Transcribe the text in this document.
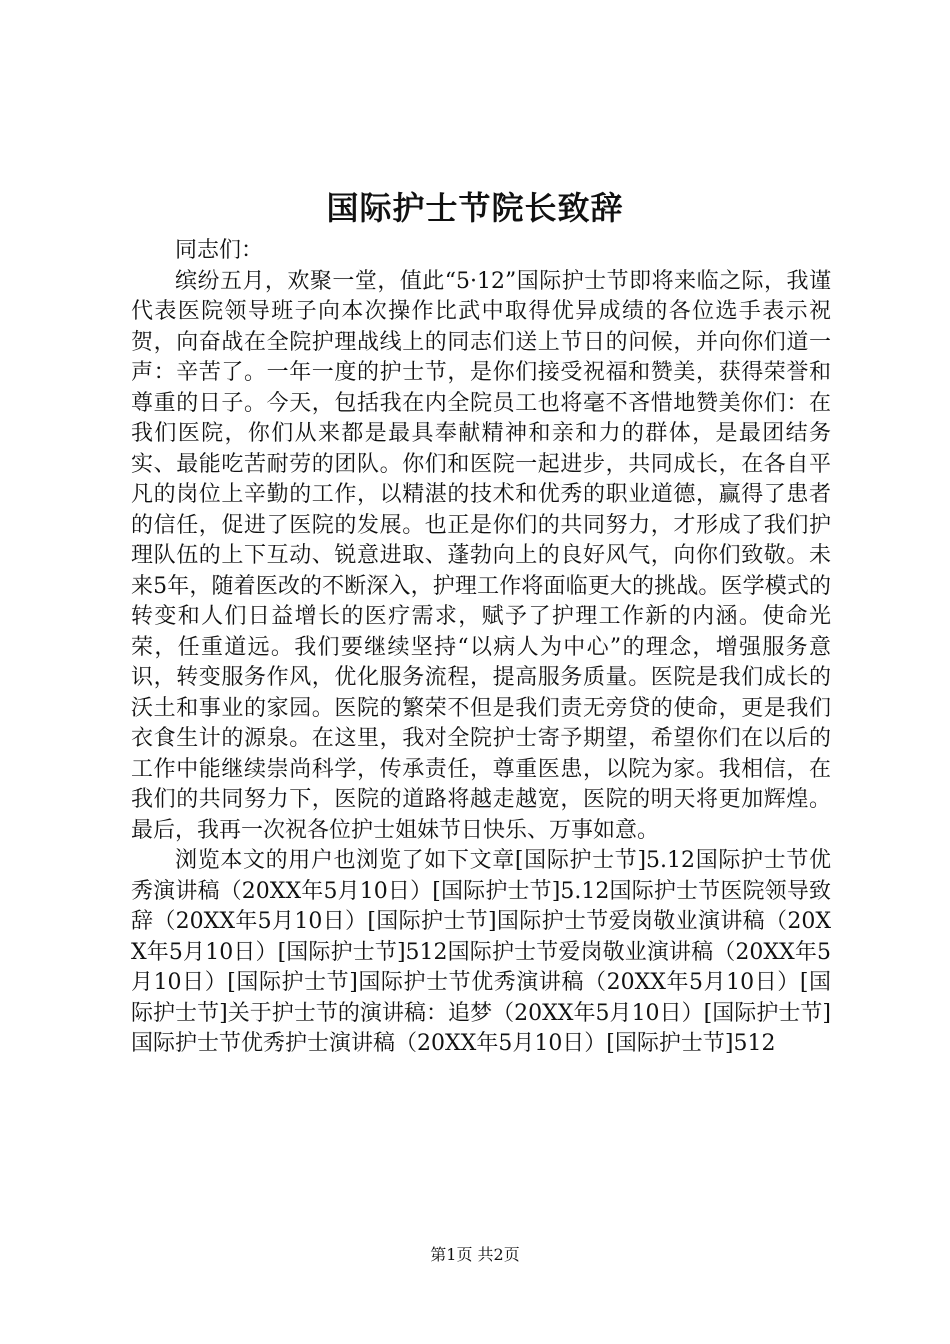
国际护士节院长致辞

同志们：

缤纷五月，欢聚一堂，值此“5·12”国际护士节即将来临之际，我谨代表医院领导班子向本次操作比武中取得优异成绩的各位选手表示祝贺，向奋战在全院护理战线上的同志们送上节日的问候，并向你们道一声：辛苦了。一年一度的护士节，是你们接受祝福和赞美，获得荣誉和尊重的日子。今天，包括我在内全院员工也将毫不吝惜地赞美你们：在我们医院，你们从来都是最具奉献精神和亲和力的群体，是最团结务实、最能吃苦耐劳的团队。你们和医院一起进步，共同成长，在各自平凡的岗位上辛勤的工作，以精湛的技术和优秀的职业道德，赢得了患者的信任，促进了医院的发展。也正是你们的共同努力，才形成了我们护理队伍的上下互动、锐意进取、蓬勃向上的良好风气，向你们致敬。未来5年，随着医改的不断深入，护理工作将面临更大的挑战。医学模式的转变和人们日益增长的医疗需求，赋予了护理工作新的内涵。使命光荣，任重道远。我们要继续坚持“以病人为中心”的理念，增强服务意识，转变服务作风，优化服务流程，提高服务质量。医院是我们成长的沃土和事业的家园。医院的繁荣不但是我们责无旁贷的使命，更是我们衣食生计的源泉。在这里，我对全院护士寄予期望，希望你们在以后的工作中能继续崇尚科学，传承责任，尊重医患，以院为家。我相信，在我们的共同努力下，医院的道路将越走越宽，医院的明天将更加辉煌。最后，我再一次祝各位护士姐妹节日快乐、万事如意。

浏览本文的用户也浏览了如下文章[国际护士节]5.12国际护士节优秀演讲稿（20XX年5月10日）[国际护士节]5.12国际护士节医院领导致辞（20XX年5月10日）[国际护士节]国际护士节爱岗敬业演讲稿（20XX年5月10日）[国际护士节]512国际护士节爱岗敬业演讲稿（20XX年5月10日）[国际护士节]国际护士节优秀演讲稿（20XX年5月10日）[国际护士节]关于护士节的演讲稿：追梦（20XX年5月10日）[国际护士节]国际护士节优秀护士演讲稿（20XX年5月10日）[国际护士节]512

第1页 共2页
